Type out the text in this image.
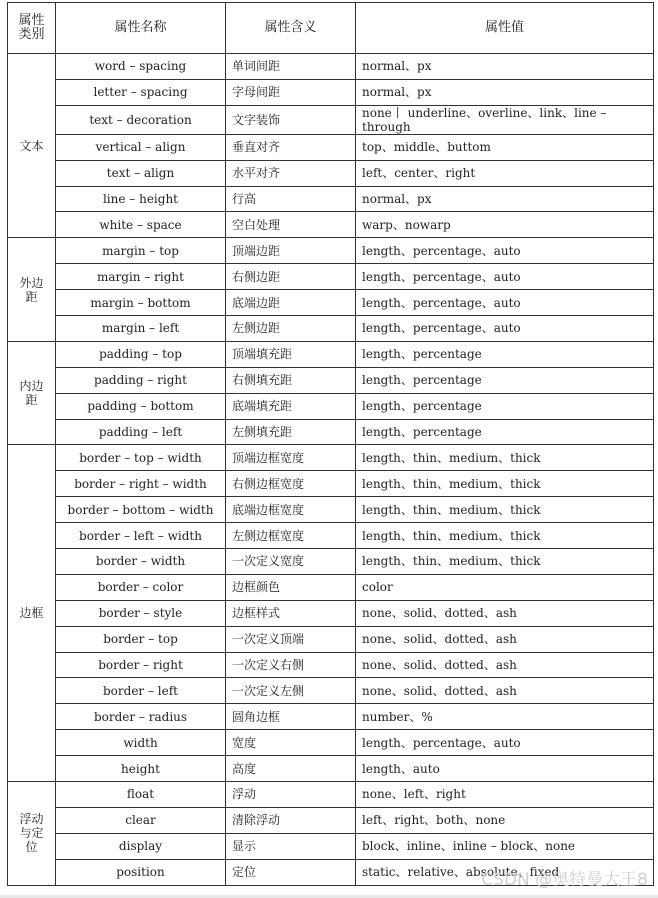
属性类别	属性名称	属性含义	属性值
文本	word – spacing	单词间距	normal、px
	letter – spacing	字母间距	normal、px
	text – decoration	文字装饰	none丨 underline、overline、link、line – through
	vertical – align	垂直对齐	top、middle、buttom
	text – align	水平对齐	left、center、right
	line – height	行高	normal、px
	white – space	空白处理	warp、nowarp
外边距	margin – top	顶端边距	length、percentage、auto
	margin – right	右侧边距	length、percentage、auto
	margin – bottom	底端边距	length、percentage、auto
	margin – left	左侧边距	length、percentage、auto
内边距	padding – top	顶端填充距	length、percentage
	padding – right	右侧填充距	length、percentage
	padding – bottom	底端填充距	length、percentage
	padding – left	左侧填充距	length、percentage
边框	border – top – width	顶端边框宽度	length、thin、medium、thick
	border – right – width	右侧边框宽度	length、thin、medium、thick
	border – bottom – width	底端边框宽度	length、thin、medium、thick
	border – left – width	左侧边框宽度	length、thin、medium、thick
	border – width	一次定义宽度	length、thin、medium、thick
	border – color	边框颜色	color
	border – style	边框样式	none、solid、dotted、ash
	border – top	一次定义顶端	none、solid、dotted、ash
	border – right	一次定义右侧	none、solid、dotted、ash
	border – left	一次定义左侧	none、solid、dotted、ash
	border – radius	圆角边框	number、%
	width	宽度	length、percentage、auto
	height	高度	length、auto
浮动与定位	float	浮动	none、left、right
	clear	清除浮动	left、right、both、none
	display	显示	block、inline、inline – block、none
	position	定位	static、relative、absolute、fixed
CSDN @奥特曼大王8
